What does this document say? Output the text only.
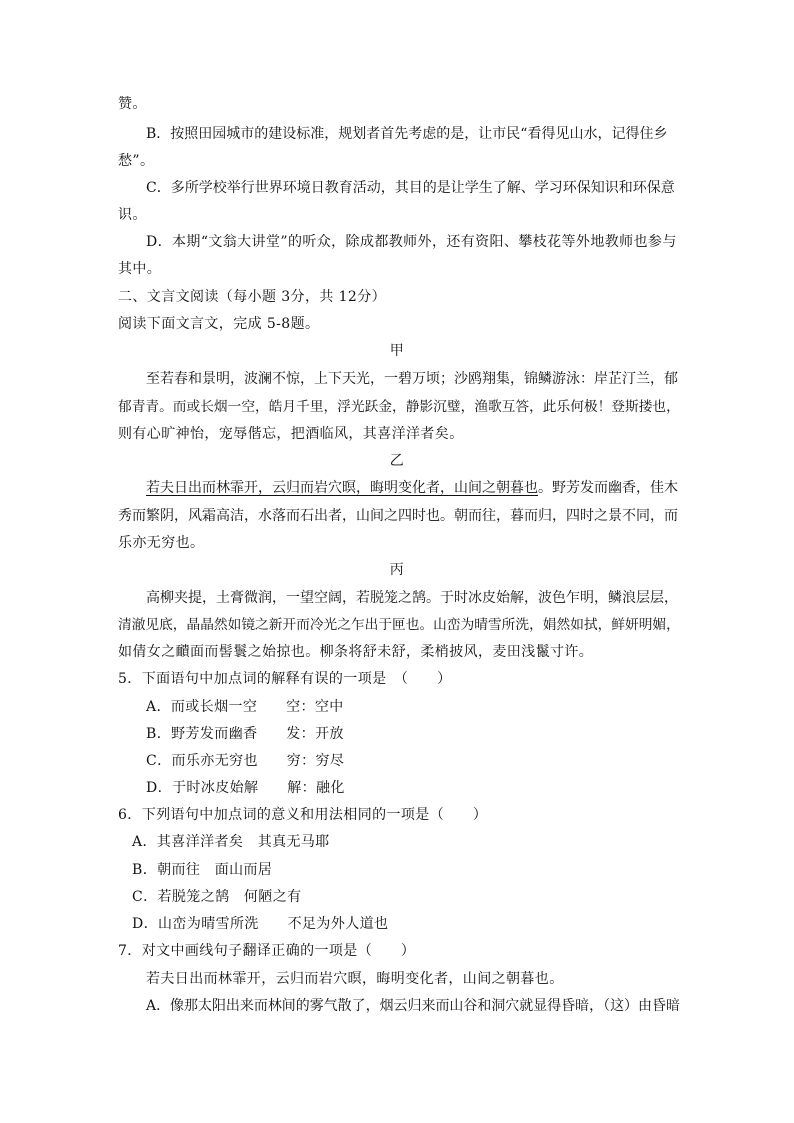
赞。
B．按照田园城市的建设标准，规划者首先考虑的是，让市民“看得见山水，记得住乡
愁”。
C．多所学校举行世界环境日教育活动，其目的是让学生了解、学习环保知识和环保意
识。
D．本期“文翁大讲堂”的听众，除成都教师外，还有资阳、攀枝花等外地教师也参与
其中。
二、文言文阅读（每小题 3分，共 12分）
阅读下面文言文，完成 5-8题。
甲
至若春和景明，波澜不惊，上下天光，一碧万顷；沙鸥翔集，锦鳞游泳：岸芷汀兰，郁
郁青青。而或长烟一空，皓月千里，浮光跃金，静影沉璧，渔歌互答，此乐何极！登斯搂也，
则有心旷神怡，宠辱偕忘，把酒临风，其喜洋洋者矣。
乙
若夫日出而林霏开，云归而岩穴暝，晦明变化者，山间之朝暮也。野芳发而幽香，佳木
秀而繁阴，风霜高洁，水落而石出者，山间之四时也。朝而往，暮而归，四时之景不同，而
乐亦无穷也。
丙
高柳夹提，土膏微润，一望空阔，若脱笼之鹄。于时冰皮始解，波色乍明，鳞浪层层，
清澈见底，晶晶然如镜之新开而冷光之乍出于匣也。山峦为晴雪所洗，娟然如拭，鲜妍明媚，
如倩女之靧面而髻鬟之始掠也。柳条将舒未舒，柔梢披风，麦田浅鬣寸许。
5．下面语句中加点词的解释有误的一项是　（　　）
A．而或长烟一空　　空：空中
B．野芳发而幽香　　发：开放
C．而乐亦无穷也　　穷：穷尽
D．于时冰皮始解　　解：融化
6．下列语句中加点词的意义和用法相同的一项是（　　）
A．其喜洋洋者矣　其真无马耶
B．朝而往　面山而居
C．若脱笼之鹄　何陋之有
D．山峦为晴雪所洗　　不足为外人道也
7．对文中画线句子翻译正确的一项是（　　）
若夫日出而林霏开，云归而岩穴暝，晦明变化者，山间之朝暮也。
A．像那太阳出来而林间的雾气散了，烟云归来而山谷和洞穴就显得昏暗，（这）由昏暗
